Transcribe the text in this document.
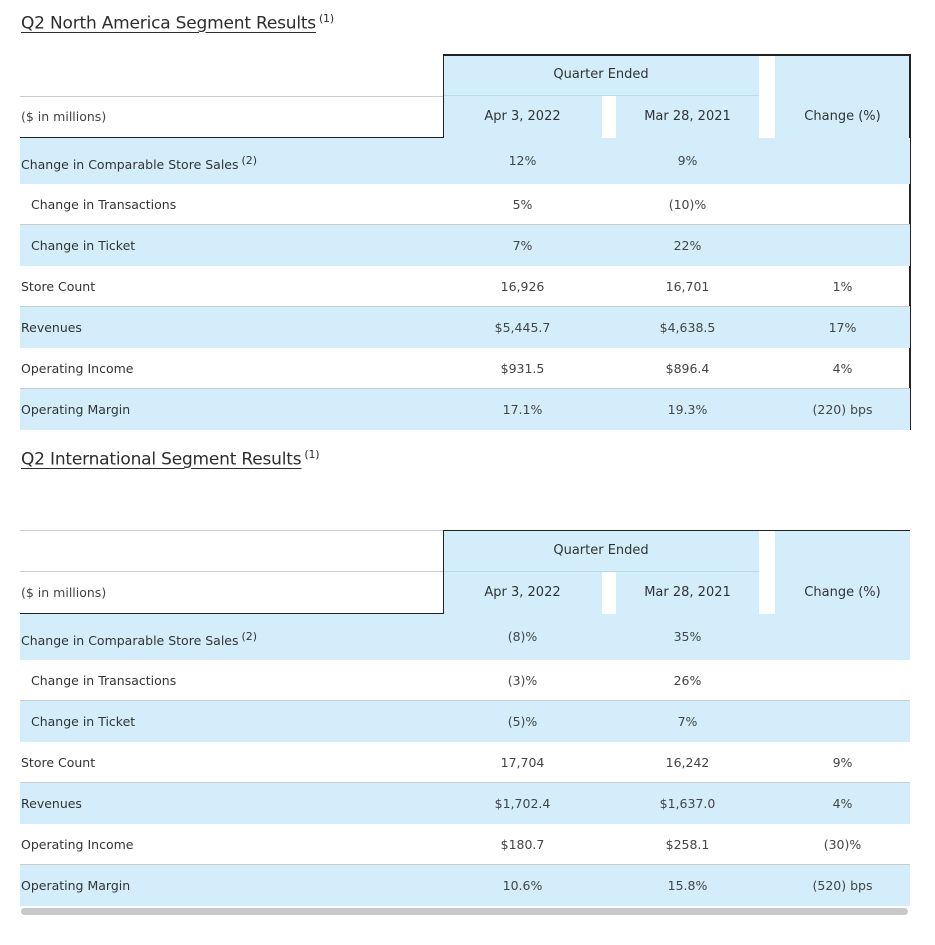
Q2 North America Segment Results $^{(1)}$
Quarter Ended
($ in millions)	Apr 3, 2022	Mar 28, 2021	Change (%)
Change in Comparable Store Sales $^{(2)}$	12%	9%
Change in Transactions	5%	(10)%
Change in Ticket	7%	22%
Store Count	16,926	16,701	1%
Revenues	$5,445.7	$4,638.5	17%
Operating Income	$931.5	$896.4	4%
Operating Margin	17.1%	19.3%	(220) bps
Q2 International Segment Results $^{(1)}$
Quarter Ended
($ in millions)	Apr 3, 2022	Mar 28, 2021	Change (%)
Change in Comparable Store Sales $^{(2)}$	(8)%	35%
Change in Transactions	(3)%	26%
Change in Ticket	(5)%	7%
Store Count	17,704	16,242	9%
Revenues	$1,702.4	$1,637.0	4%
Operating Income	$180.7	$258.1	(30)%
Operating Margin	10.6%	15.8%	(520) bps
